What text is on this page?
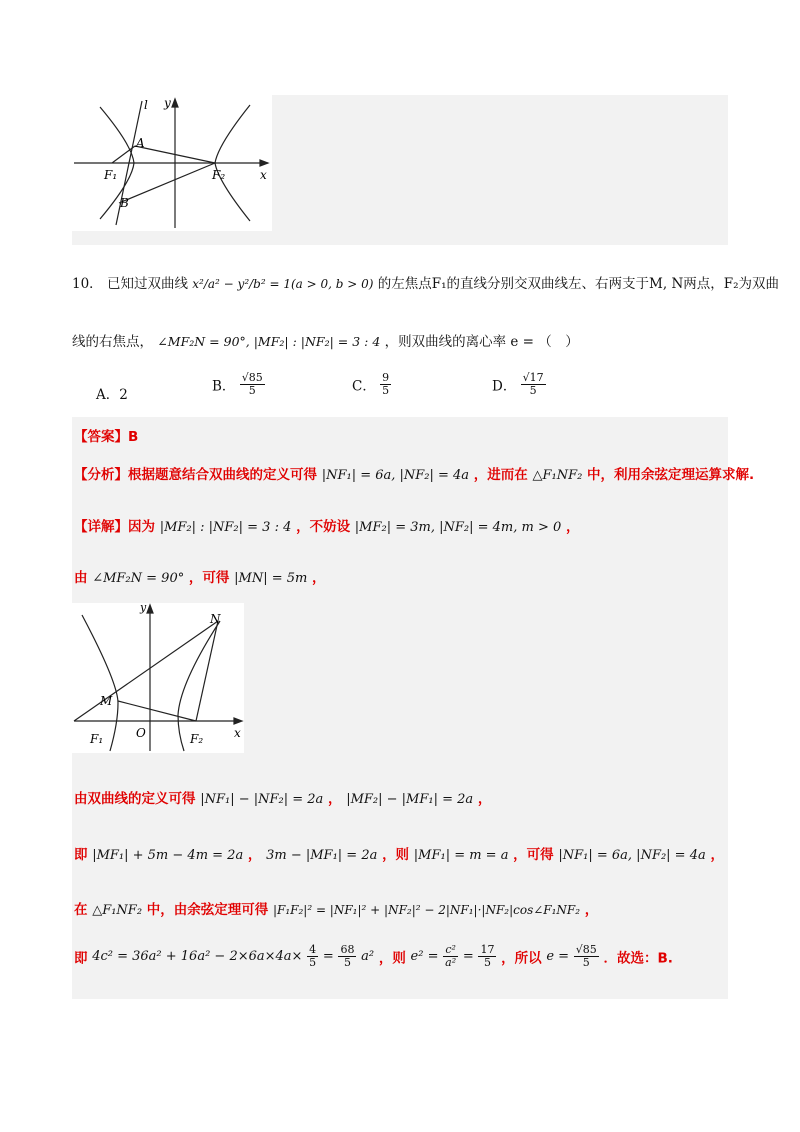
l y
A
F₁	F₂	x
B
10． 已知过双曲线 x²/a² − y²/b² = 1(a > 0, b > 0) 的左焦点F₁的直线分别交双曲线左、右两支于M, N两点，F₂为双曲
线的右焦点， ∠MF₂N = 90°, |MF₂| : |NF₂| = 3 : 4 ，则双曲线的离心率 e = （　）
A．2
B． $\frac{√85}{5}$	C． $\frac{9}{5}$	D． $\frac{√17}{5}$
【答案】B
【分析】根据题意结合双曲线的定义可得 |NF₁| = 6a, |NF₂| = 4a ，进而在 △F₁NF₂ 中，利用余弦定理运算求解.
【详解】因为 |MF₂| : |NF₂| = 3 : 4 ，不妨设 |MF₂| = 3m, |NF₂| = 4m, m > 0 ，
由 ∠MF₂N = 90° ，可得 |MN| = 5m ，
y
N
M
F₁	O	F₂	x
由双曲线的定义可得 |NF₁| − |NF₂| = 2a ， |MF₂| − |MF₁| = 2a ，
即 |MF₁| + 5m − 4m = 2a ， 3m − |MF₁| = 2a ，则 |MF₁| = m = a ，可得 |NF₁| = 6a, |NF₂| = 4a ，
在 △F₁NF₂ 中，由余弦定理可得 |F₁F₂|² = |NF₁|² + |NF₂|² − 2|NF₁|·|NF₂|cos∠F₁NF₂ ，
即 $4c^2 = 36a^2 + 16a^2 - 2\times 6a\times 4a\times \frac{4}{5} = \frac{68}{5} a^2$ ，则 $e^2 = \frac{\text{c²}}{\text{a²}} = \frac{17}{5}$ ，所以 $e = \frac{√85}{5}$ ．故选：B.
